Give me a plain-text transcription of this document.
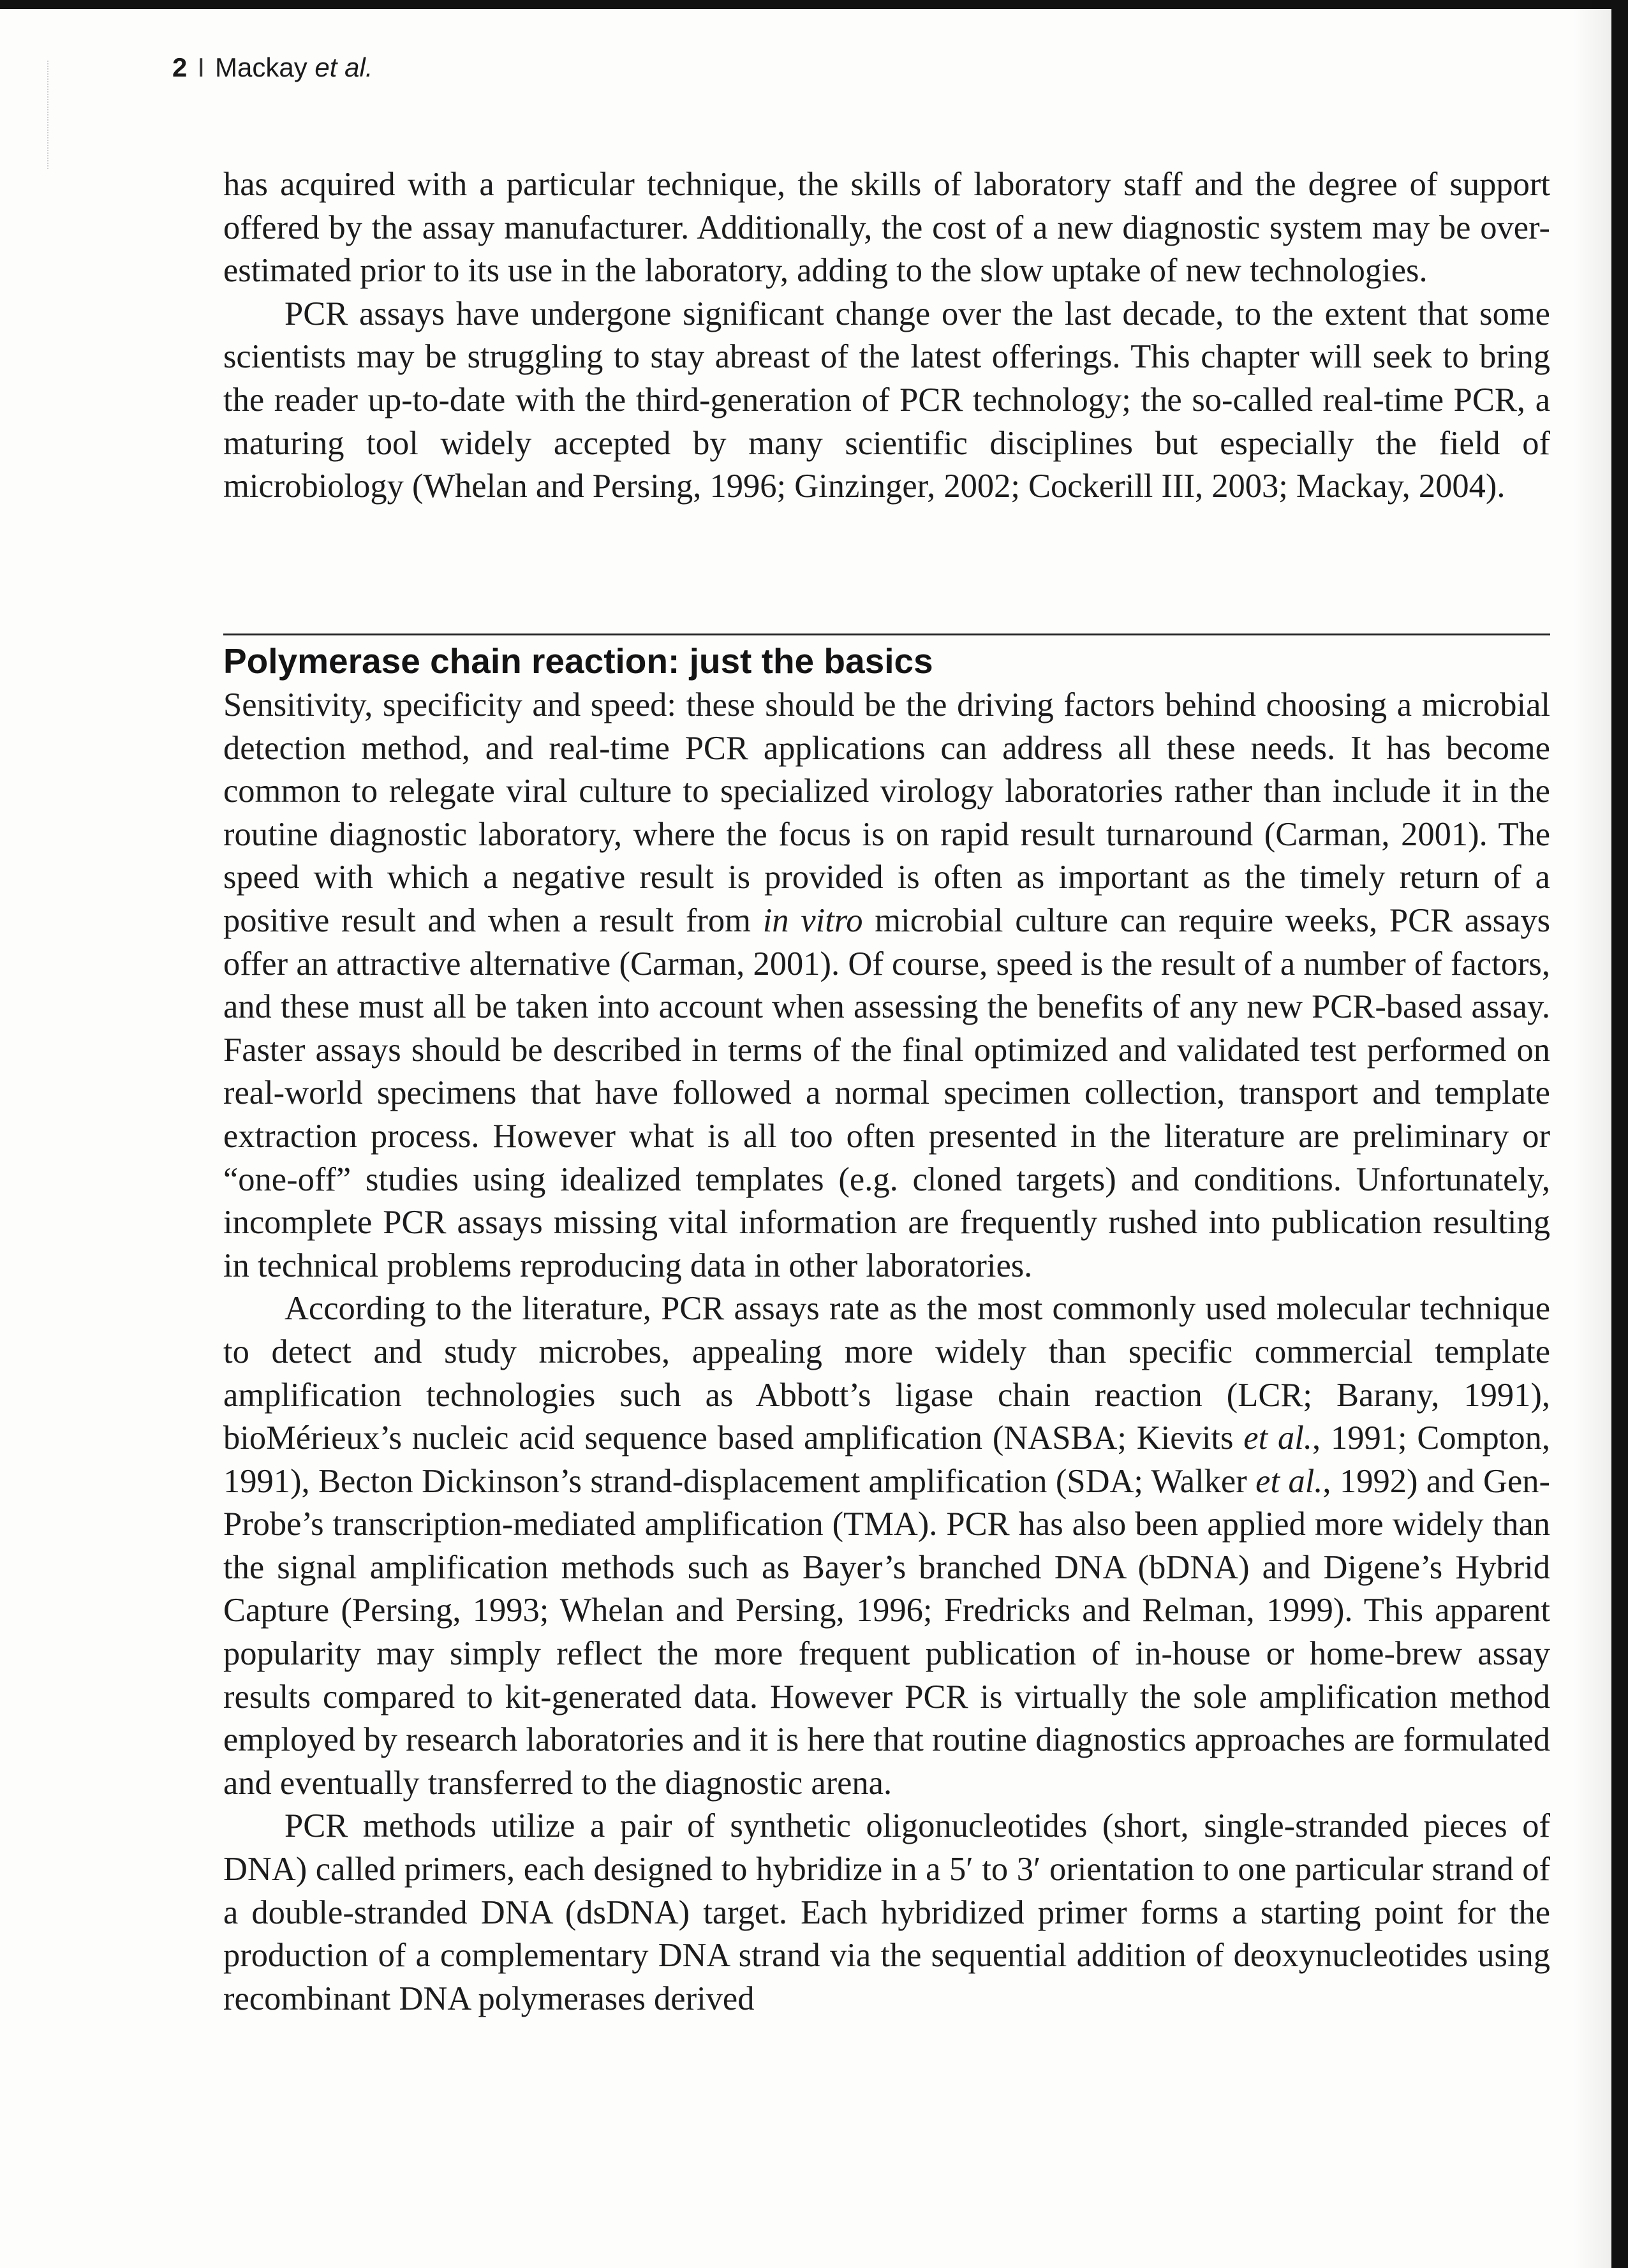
2 I Mackay et al.

has acquired with a particular technique, the skills of laboratory staff and the degree of support offered by the assay manufacturer. Additionally, the cost of a new diagnostic system may be over-estimated prior to its use in the laboratory, adding to the slow uptake of new technologies.

PCR assays have undergone significant change over the last decade, to the extent that some scientists may be struggling to stay abreast of the latest offerings. This chapter will seek to bring the reader up-to-date with the third-generation of PCR technology; the so-called real-time PCR, a maturing tool widely accepted by many scientific disciplines but especially the field of microbiology (Whelan and Persing, 1996; Ginzinger, 2002; Cockerill III, 2003; Mackay, 2004).

Polymerase chain reaction: just the basics

Sensitivity, specificity and speed: these should be the driving factors behind choosing a microbial detection method, and real-time PCR applications can address all these needs. It has become common to relegate viral culture to specialized virology laboratories rather than include it in the routine diagnostic laboratory, where the focus is on rapid result turnaround (Carman, 2001). The speed with which a negative result is provided is often as important as the timely return of a positive result and when a result from in vitro microbial culture can require weeks, PCR assays offer an attractive alternative (Carman, 2001). Of course, speed is the result of a number of factors, and these must all be taken into account when assessing the benefits of any new PCR-based assay. Faster assays should be described in terms of the final optimized and validated test performed on real-world specimens that have followed a normal specimen collection, transport and template extraction process. However what is all too often presented in the literature are preliminary or “one-off” studies using idealized templates (e.g. cloned targets) and conditions. Unfortunately, incomplete PCR assays missing vital information are frequently rushed into publication resulting in technical problems reproducing data in other laboratories.

According to the literature, PCR assays rate as the most commonly used molecular technique to detect and study microbes, appealing more widely than specific commercial template amplification technologies such as Abbott’s ligase chain reaction (LCR; Barany, 1991), bioMérieux’s nucleic acid sequence based amplification (NASBA; Kievits et al., 1991; Compton, 1991), Becton Dickinson’s strand-displacement amplification (SDA; Walker et al., 1992) and Gen-Probe’s transcription-mediated amplification (TMA). PCR has also been applied more widely than the signal amplification methods such as Bayer’s branched DNA (bDNA) and Digene’s Hybrid Capture (Persing, 1993; Whelan and Persing, 1996; Fredricks and Relman, 1999). This apparent popularity may simply reflect the more frequent publication of in-house or home-brew assay results compared to kit-generated data. However PCR is virtually the sole amplification method employed by research laboratories and it is here that routine diagnostics approaches are formulated and eventually transferred to the diagnostic arena.

PCR methods utilize a pair of synthetic oligonucleotides (short, single-stranded pieces of DNA) called primers, each designed to hybridize in a 5′ to 3′ orientation to one particular strand of a double-stranded DNA (dsDNA) target. Each hybridized primer forms a starting point for the production of a complementary DNA strand via the sequential addition of deoxynucleotides using recombinant DNA polymerases derived
